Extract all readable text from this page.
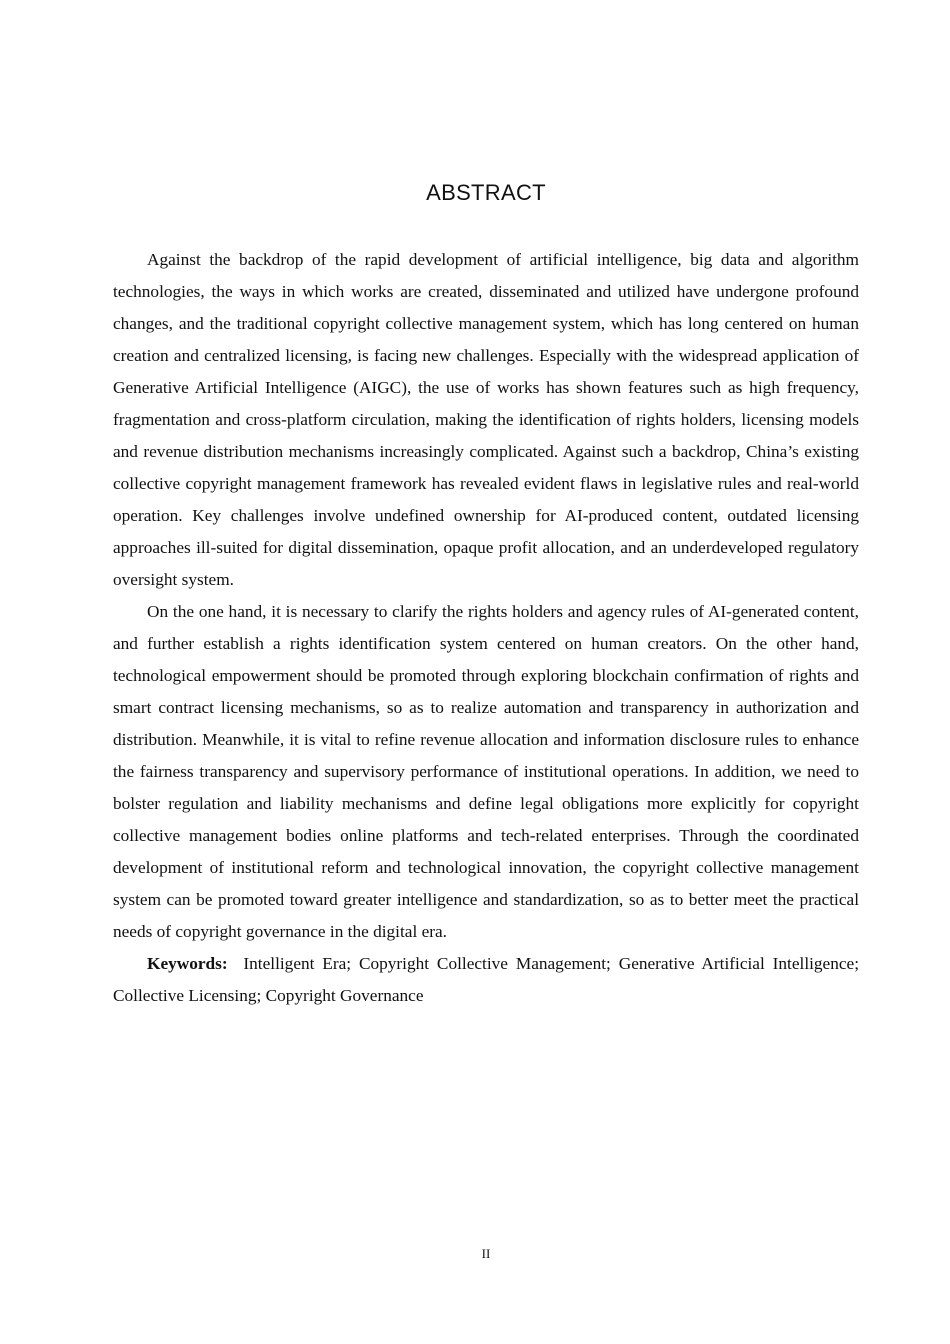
ABSTRACT

Against the backdrop of the rapid development of artificial intelligence, big data and algorithm technologies, the ways in which works are created, disseminated and utilized have undergone profound changes, and the traditional copyright collective management system, which has long centered on human creation and centralized licensing, is facing new challenges. Especially with the widespread application of Generative Artificial Intelligence (AIGC), the use of works has shown features such as high frequency, fragmentation and cross-platform circulation, making the identification of rights holders, licensing models and revenue distribution mechanisms increasingly complicated. Against such a backdrop, China’s existing collective copyright management framework has revealed evident flaws in legislative rules and real-world operation. Key challenges involve undefined ownership for AI-produced content, outdated licensing approaches ill-suited for digital dissemination, opaque profit allocation, and an underdeveloped regulatory oversight system.

On the one hand, it is necessary to clarify the rights holders and agency rules of AI-generated content, and further establish a rights identification system centered on human creators. On the other hand, technological empowerment should be promoted through exploring blockchain confirmation of rights and smart contract licensing mechanisms, so as to realize automation and transparency in authorization and distribution. Meanwhile, it is vital to refine revenue allocation and information disclosure rules to enhance the fairness transparency and supervisory performance of institutional operations. In addition, we need to bolster regulation and liability mechanisms and define legal obligations more explicitly for copyright collective management bodies online platforms and tech-related enterprises. Through the coordinated development of institutional reform and technological innovation, the copyright collective management system can be promoted toward greater intelligence and standardization, so as to better meet the practical needs of copyright governance in the digital era.

Keywords: Intelligent Era; Copyright Collective Management; Generative Artificial Intelligence; Collective Licensing; Copyright Governance

II
